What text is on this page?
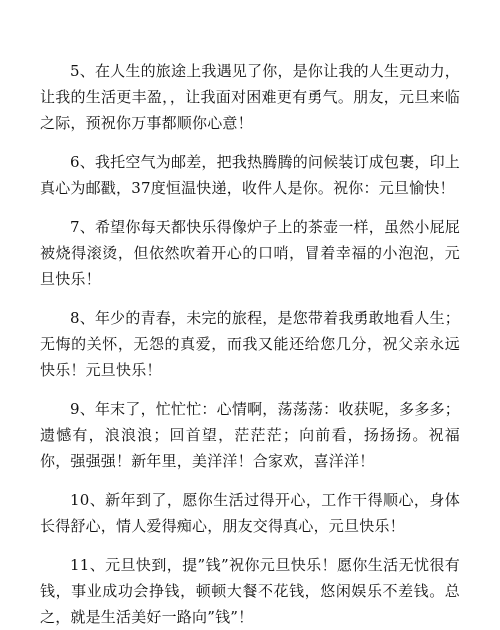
5、在人生的旅途上我遇见了你，是你让我的人生更动力，让我的生活更丰盈，，让我面对困难更有勇气。朋友，元旦来临之际，预祝你万事都顺你心意！

6、我托空气为邮差，把我热腾腾的问候装订成包裹，印上真心为邮戳，37度恒温快递，收件人是你。祝你：元旦愉快！

7、希望你每天都快乐得像炉子上的茶壶一样，虽然小屁屁被烧得滚烫，但依然吹着开心的口哨，冒着幸福的小泡泡，元旦快乐！

8、年少的青春，未完的旅程，是您带着我勇敢地看人生；无悔的关怀，无怨的真爱，而我又能还给您几分，祝父亲永远快乐！元旦快乐！

9、年末了，忙忙忙：心情啊，荡荡荡：收获呢，多多多；遗憾有，浪浪浪；回首望，茫茫茫；向前看，扬扬扬。祝福你，强强强！新年里，美洋洋！合家欢，喜洋洋！

10、新年到了，愿你生活过得开心，工作干得顺心，身体长得舒心，情人爱得痴心，朋友交得真心，元旦快乐！

11、元旦快到，提”钱”祝你元旦快乐！愿你生活无忧很有钱，事业成功会挣钱，顿顿大餐不花钱，悠闲娱乐不差钱。总之，就是生活美好一路向”钱”！
